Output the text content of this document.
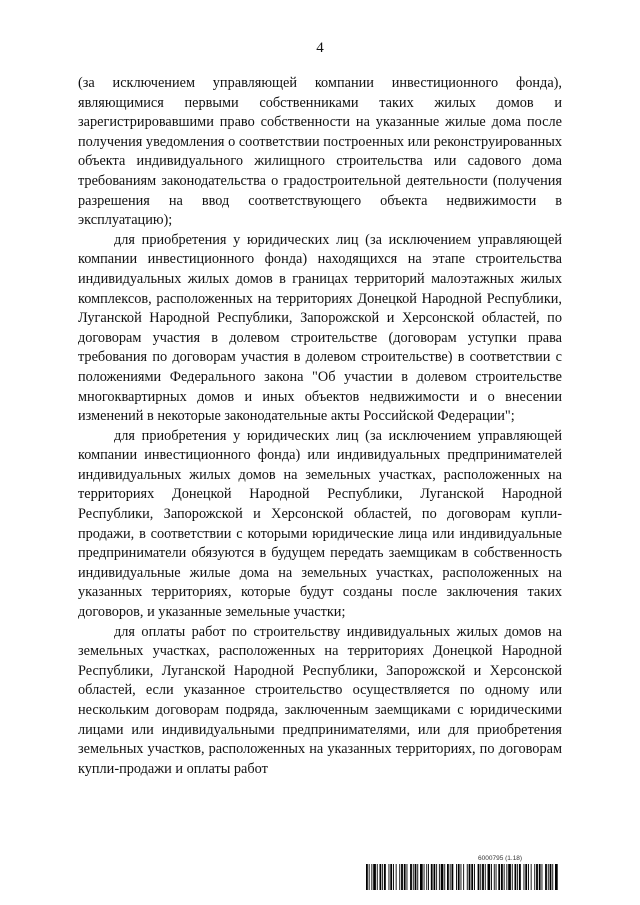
4

(за исключением управляющей компании инвестиционного фонда), являющимися первыми собственниками таких жилых домов и зарегистрировавшими право собственности на указанные жилые дома после получения уведомления о соответствии построенных или реконструированных объекта индивидуального жилищного строительства или садового дома требованиям законодательства о градостроительной деятельности (получения разрешения на ввод соответствующего объекта недвижимости в эксплуатацию);

для приобретения у юридических лиц (за исключением управляющей компании инвестиционного фонда) находящихся на этапе строительства индивидуальных жилых домов в границах территорий малоэтажных жилых комплексов, расположенных на территориях Донецкой Народной Республики, Луганской Народной Республики, Запорожской и Херсонской областей, по договорам участия в долевом строительстве (договорам уступки права требования по договорам участия в долевом строительстве) в соответствии с положениями Федерального закона "Об участии в долевом строительстве многоквартирных домов и иных объектов недвижимости и о внесении изменений в некоторые законодательные акты Российской Федерации";

для приобретения у юридических лиц (за исключением управляющей компании инвестиционного фонда) или индивидуальных предпринимателей индивидуальных жилых домов на земельных участках, расположенных на территориях Донецкой Народной Республики, Луганской Народной Республики, Запорожской и Херсонской областей, по договорам купли-продажи, в соответствии с которыми юридические лица или индивидуальные предприниматели обязуются в будущем передать заемщикам в собственность индивидуальные жилые дома на земельных участках, расположенных на указанных территориях, которые будут созданы после заключения таких договоров, и указанные земельные участки;

для оплаты работ по строительству индивидуальных жилых домов на земельных участках, расположенных на территориях Донецкой Народной Республики, Луганской Народной Республики, Запорожской и Херсонской областей, если указанное строительство осуществляется по одному или нескольким договорам подряда, заключенным заемщиками с юридическими лицами или индивидуальными предпринимателями, или для приобретения земельных участков, расположенных на указанных территориях, по договорам купли-продажи и оплаты работ

6000795 (1.18)
